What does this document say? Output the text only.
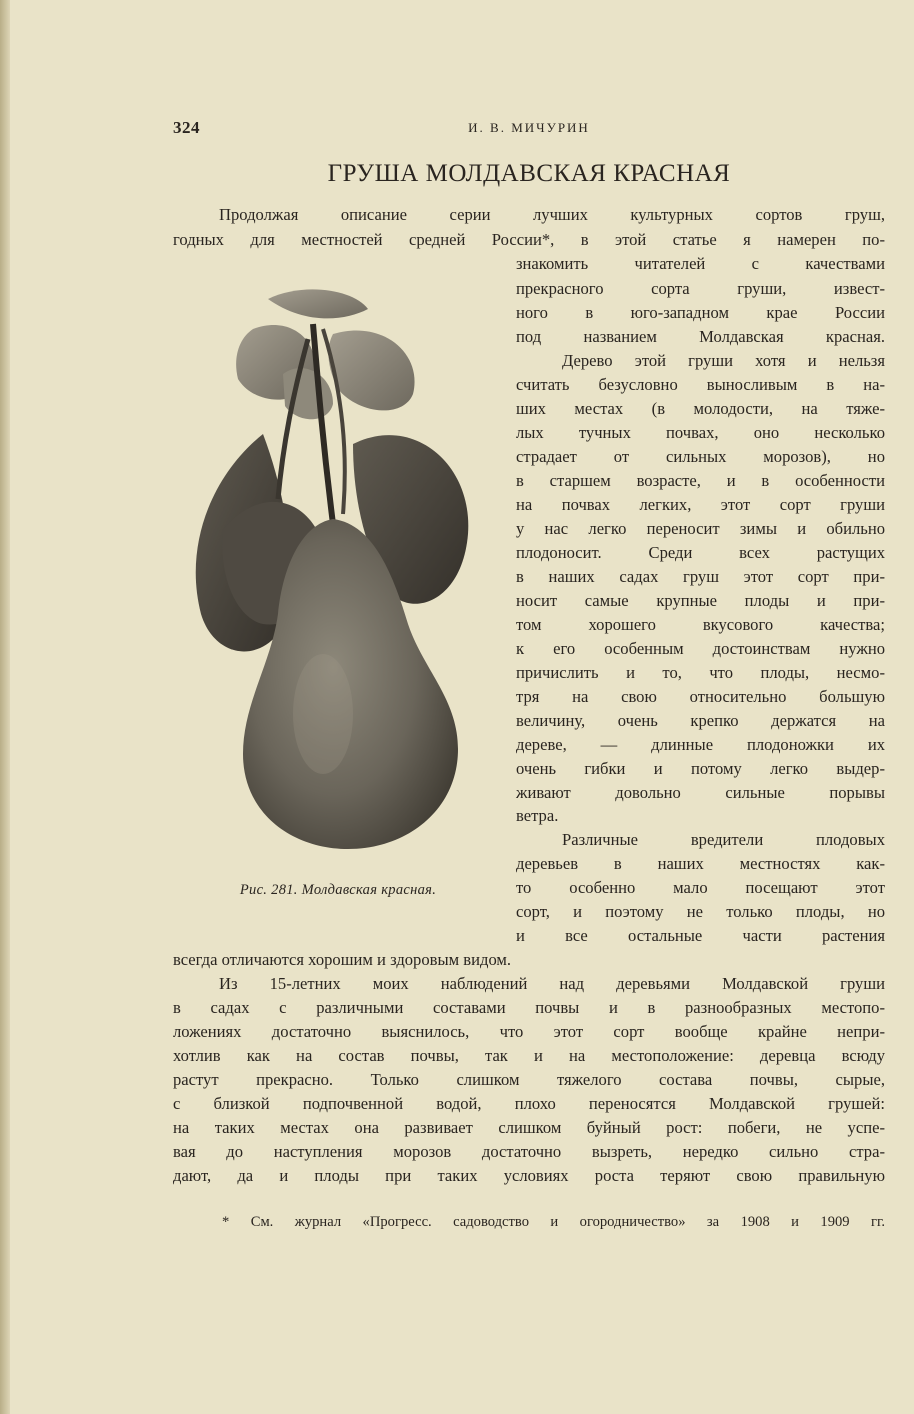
324	И. В. МИЧУРИН
ГРУША МОЛДАВСКАЯ КРАСНАЯ
Продолжая описание серии лучших культурных сортов груш,
годных для местностей средней России*, в этой статье я намерен по-
знакомить читателей с качествами
прекрасного сорта груши, извест-
ного в юго-западном крае России
под названием Молдавская красная.
Дерево этой груши хотя и нельзя
считать безусловно выносливым в на-
ших местах (в молодости, на тяже-
лых тучных почвах, оно несколько
страдает от сильных морозов), но
в старшем возрасте, и в особенности
на почвах легких, этот сорт груши
у нас легко переносит зимы и обильно
плодоносит. Среди всех растущих
в наших садах груш этот сорт при-
носит самые крупные плоды и при-
том хорошего вкусового качества;
к его особенным достоинствам нужно
причислить и то, что плоды, несмо-
тря на свою относительно большую
величину, очень крепко держатся на
дереве, — длинные плодоножки их
очень гибки и потому легко выдер-
живают довольно сильные порывы
ветра.
Различные вредители плодовых
деревьев в наших местностях как-
то особенно мало посещают этот
сорт, и поэтому не только плоды, но
и все остальные части растения
всегда отличаются хорошим и здоровым видом.
Из 15-летних моих наблюдений над деревьями Молдавской груши
в садах с различными составами почвы и в разнообразных местопо-
ложениях достаточно выяснилось, что этот сорт вообще крайне непри-
хотлив как на состав почвы, так и на местоположение: деревца всюду
растут прекрасно. Только слишком тяжелого состава почвы, сырые,
с близкой подпочвенной водой, плохо переносятся Молдавской грушей:
на таких местах она развивает слишком буйный рост: побеги, не успе-
вая до наступления морозов достаточно вызреть, нередко сильно стра-
дают, да и плоды при таких условиях роста теряют свою правильную
Рис. 281. Молдавская красная.
* См. журнал «Прогресс. садоводство и огородничество» за 1908 и 1909 гг.
